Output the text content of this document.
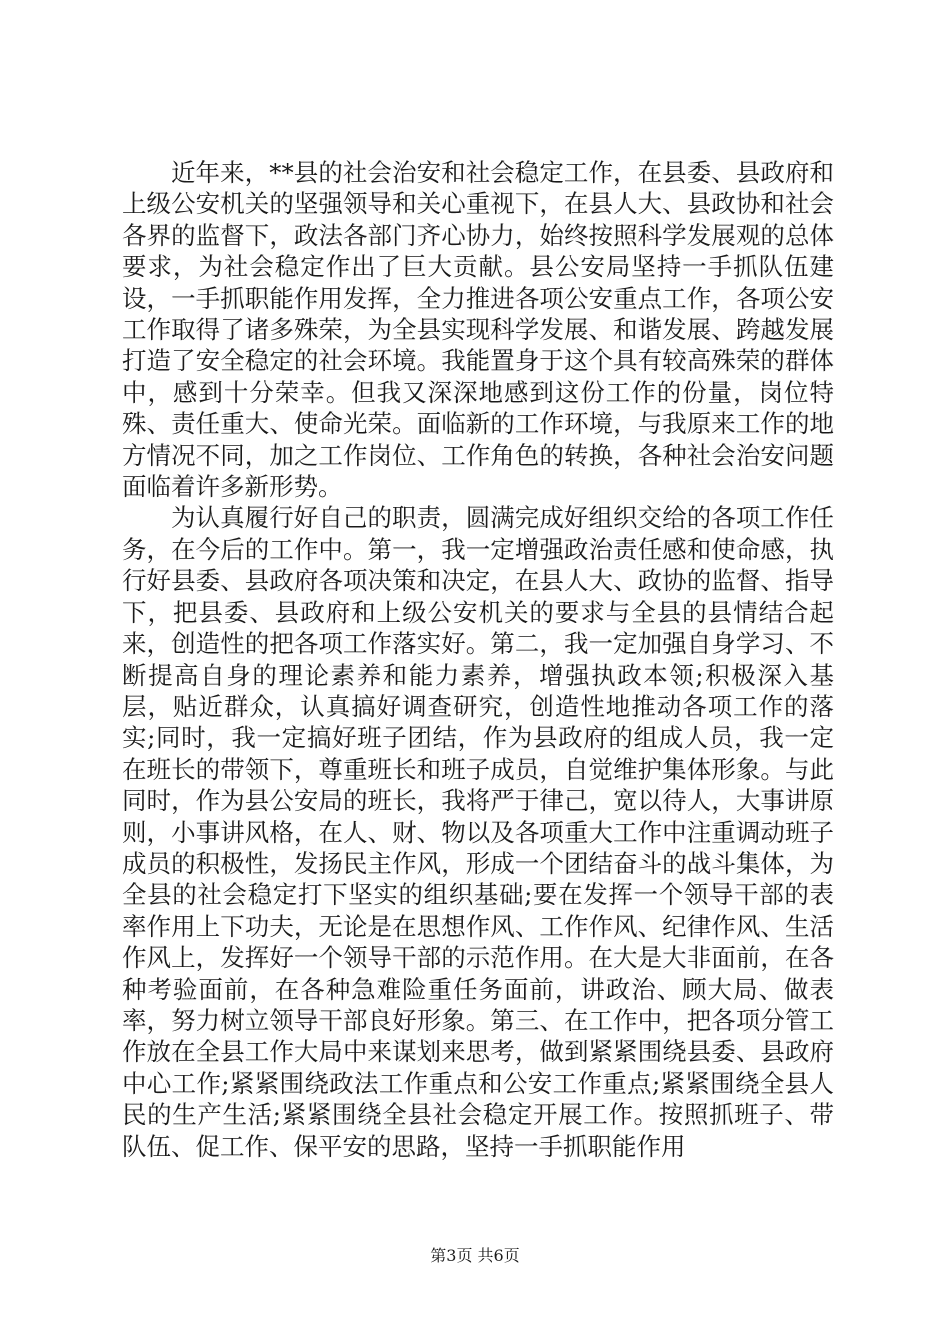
近年来，**县的社会治安和社会稳定工作，在县委、县政府和上级公安机关的坚强领导和关心重视下，在县人大、县政协和社会各界的监督下，政法各部门齐心协力，始终按照科学发展观的总体要求，为社会稳定作出了巨大贡献。县公安局坚持一手抓队伍建设，一手抓职能作用发挥，全力推进各项公安重点工作，各项公安工作取得了诸多殊荣，为全县实现科学发展、和谐发展、跨越发展打造了安全稳定的社会环境。我能置身于这个具有较高殊荣的群体中，感到十分荣幸。但我又深深地感到这份工作的份量，岗位特殊、责任重大、使命光荣。面临新的工作环境，与我原来工作的地方情况不同，加之工作岗位、工作角色的转换，各种社会治安问题面临着许多新形势。

为认真履行好自己的职责，圆满完成好组织交给的各项工作任务，在今后的工作中。第一，我一定增强政治责任感和使命感，执行好县委、县政府各项决策和决定，在县人大、政协的监督、指导下，把县委、县政府和上级公安机关的要求与全县的县情结合起来，创造性的把各项工作落实好。第二，我一定加强自身学习、不断提高自身的理论素养和能力素养，增强执政本领;积极深入基层，贴近群众，认真搞好调查研究，创造性地推动各项工作的落实;同时，我一定搞好班子团结，作为县政府的组成人员，我一定在班长的带领下，尊重班长和班子成员，自觉维护集体形象。与此同时，作为县公安局的班长，我将严于律己，宽以待人，大事讲原则，小事讲风格，在人、财、物以及各项重大工作中注重调动班子成员的积极性，发扬民主作风，形成一个团结奋斗的战斗集体，为全县的社会稳定打下坚实的组织基础;要在发挥一个领导干部的表率作用上下功夫，无论是在思想作风、工作作风、纪律作风、生活作风上，发挥好一个领导干部的示范作用。在大是大非面前，在各种考验面前，在各种急难险重任务面前，讲政治、顾大局、做表率，努力树立领导干部良好形象。第三、在工作中，把各项分管工作放在全县工作大局中来谋划来思考，做到紧紧围绕县委、县政府中心工作;紧紧围绕政法工作重点和公安工作重点;紧紧围绕全县人民的生产生活;紧紧围绕全县社会稳定开展工作。按照抓班子、带队伍、促工作、保平安的思路，坚持一手抓职能作用

第3页 共6页
